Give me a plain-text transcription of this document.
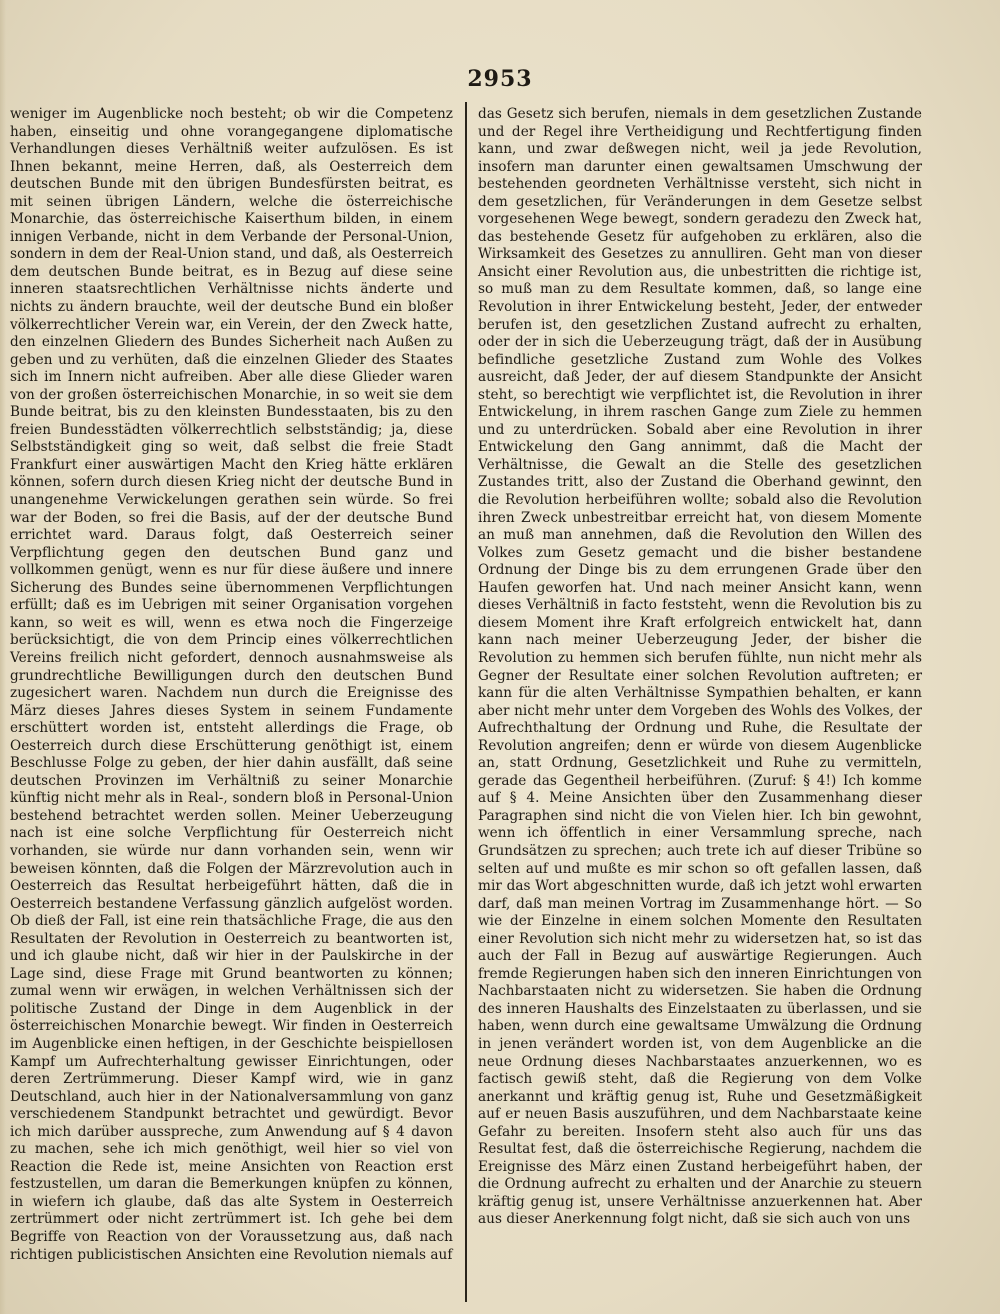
2953

weniger im Augenblicke noch besteht; ob wir die Competenz haben, einseitig und ohne vorangegangene diplomatische Verhandlungen dieses Verhältniß weiter aufzulösen. Es ist Ihnen bekannt, meine Herren, daß, als Oesterreich dem deutschen Bunde mit den übrigen Bundesfürsten beitrat, es mit seinen übrigen Ländern, welche die österreichische Monarchie, das österreichische Kaiserthum bilden, in einem innigen Verbande, nicht in dem Verbande der Personal-Union, sondern in dem der Real-Union stand, und daß, als Oesterreich dem deutschen Bunde beitrat, es in Bezug auf diese seine inneren staatsrechtlichen Verhältnisse nichts änderte und nichts zu ändern brauchte, weil der deutsche Bund ein bloßer völkerrechtlicher Verein war, ein Verein, der den Zweck hatte, den einzelnen Gliedern des Bundes Sicherheit nach Außen zu geben und zu verhüten, daß die einzelnen Glieder des Staates sich im Innern nicht aufreiben. Aber alle diese Glieder waren von der großen österreichischen Monarchie, in so weit sie dem Bunde beitrat, bis zu den kleinsten Bundesstaaten, bis zu den freien Bundesstädten völkerrechtlich selbstständig; ja, diese Selbstständigkeit ging so weit, daß selbst die freie Stadt Frankfurt einer auswärtigen Macht den Krieg hätte erklären können, sofern durch diesen Krieg nicht der deutsche Bund in unangenehme Verwickelungen gerathen sein würde. So frei war der Boden, so frei die Basis, auf der der deutsche Bund errichtet ward. Daraus folgt, daß Oesterreich seiner Verpflichtung gegen den deutschen Bund ganz und vollkommen genügt, wenn es nur für diese äußere und innere Sicherung des Bundes seine übernommenen Verpflichtungen erfüllt; daß es im Uebrigen mit seiner Organisation vorgehen kann, so weit es will, wenn es etwa noch die Fingerzeige berücksichtigt, die von dem Princip eines völkerrechtlichen Vereins freilich nicht gefordert, dennoch ausnahmsweise als grundrechtliche Bewilligungen durch den deutschen Bund zugesichert waren. Nachdem nun durch die Ereignisse des März dieses Jahres dieses System in seinem Fundamente erschüttert worden ist, entsteht allerdings die Frage, ob Oesterreich durch diese Erschütterung genöthigt ist, einem Beschlusse Folge zu geben, der hier dahin ausfällt, daß seine deutschen Provinzen im Verhältniß zu seiner Monarchie künftig nicht mehr als in Real-, sondern bloß in Personal-Union bestehend betrachtet werden sollen. Meiner Ueberzeugung nach ist eine solche Verpflichtung für Oesterreich nicht vorhanden, sie würde nur dann vorhanden sein, wenn wir beweisen könnten, daß die Folgen der Märzrevolution auch in Oesterreich das Resultat herbeigeführt hätten, daß die in Oesterreich bestandene Verfassung gänzlich aufgelöst worden. Ob dieß der Fall, ist eine rein thatsächliche Frage, die aus den Resultaten der Revolution in Oesterreich zu beantworten ist, und ich glaube nicht, daß wir hier in der Paulskirche in der Lage sind, diese Frage mit Grund beantworten zu können; zumal wenn wir erwägen, in welchen Verhältnissen sich der politische Zustand der Dinge in dem Augenblick in der österreichischen Monarchie bewegt. Wir finden in Oesterreich im Augenblicke einen heftigen, in der Geschichte beispiellosen Kampf um Aufrechterhaltung gewisser Einrichtungen, oder deren Zertrümmerung. Dieser Kampf wird, wie in ganz Deutschland, auch hier in der Nationalversammlung von ganz verschiedenem Standpunkt betrachtet und gewürdigt. Bevor ich mich darüber ausspreche, zum Anwendung auf § 4 davon zu machen, sehe ich mich genöthigt, weil hier so viel von Reaction die Rede ist, meine Ansichten von Reaction erst festzustellen, um daran die Bemerkungen knüpfen zu können, in wiefern ich glaube, daß das alte System in Oesterreich zertrümmert oder nicht zertrümmert ist. Ich gehe bei dem Begriffe von Reaction von der Voraussetzung aus, daß nach richtigen publicistischen Ansichten eine Revolution niemals auf

das Gesetz sich berufen, niemals in dem gesetzlichen Zustande und der Regel ihre Vertheidigung und Rechtfertigung finden kann, und zwar deßwegen nicht, weil ja jede Revolution, insofern man darunter einen gewaltsamen Umschwung der bestehenden geordneten Verhältnisse versteht, sich nicht in dem gesetzlichen, für Veränderungen in dem Gesetze selbst vorgesehenen Wege bewegt, sondern geradezu den Zweck hat, das bestehende Gesetz für aufgehoben zu erklären, also die Wirksamkeit des Gesetzes zu annulliren. Geht man von dieser Ansicht einer Revolution aus, die unbestritten die richtige ist, so muß man zu dem Resultate kommen, daß, so lange eine Revolution in ihrer Entwickelung besteht, Jeder, der entweder berufen ist, den gesetzlichen Zustand aufrecht zu erhalten, oder der in sich die Ueberzeugung trägt, daß der in Ausübung befindliche gesetzliche Zustand zum Wohle des Volkes ausreicht, daß Jeder, der auf diesem Standpunkte der Ansicht steht, so berechtigt wie verpflichtet ist, die Revolution in ihrer Entwickelung, in ihrem raschen Gange zum Ziele zu hemmen und zu unterdrücken. Sobald aber eine Revolution in ihrer Entwickelung den Gang annimmt, daß die Macht der Verhältnisse, die Gewalt an die Stelle des gesetzlichen Zustandes tritt, also der Zustand die Oberhand gewinnt, den die Revolution herbeiführen wollte; sobald also die Revolution ihren Zweck unbestreitbar erreicht hat, von diesem Momente an muß man annehmen, daß die Revolution den Willen des Volkes zum Gesetz gemacht und die bisher bestandene Ordnung der Dinge bis zu dem errungenen Grade über den Haufen geworfen hat. Und nach meiner Ansicht kann, wenn dieses Verhältniß in facto feststeht, wenn die Revolution bis zu diesem Moment ihre Kraft erfolgreich entwickelt hat, dann kann nach meiner Ueberzeugung Jeder, der bisher die Revolution zu hemmen sich berufen fühlte, nun nicht mehr als Gegner der Resultate einer solchen Revolution auftreten; er kann für die alten Verhältnisse Sympathien behalten, er kann aber nicht mehr unter dem Vorgeben des Wohls des Volkes, der Aufrechthaltung der Ordnung und Ruhe, die Resultate der Revolution angreifen; denn er würde von diesem Augenblicke an, statt Ordnung, Gesetzlichkeit und Ruhe zu vermitteln, gerade das Gegentheil herbeiführen. (Zuruf: § 4!) Ich komme auf § 4. Meine Ansichten über den Zusammenhang dieser Paragraphen sind nicht die von Vielen hier. Ich bin gewohnt, wenn ich öffentlich in einer Versammlung spreche, nach Grundsätzen zu sprechen; auch trete ich auf dieser Tribüne so selten auf und mußte es mir schon so oft gefallen lassen, daß mir das Wort abgeschnitten wurde, daß ich jetzt wohl erwarten darf, daß man meinen Vortrag im Zusammenhange hört. — So wie der Einzelne in einem solchen Momente den Resultaten einer Revolution sich nicht mehr zu widersetzen hat, so ist das auch der Fall in Bezug auf auswärtige Regierungen. Auch fremde Regierungen haben sich den inneren Einrichtungen von Nachbarstaaten nicht zu widersetzen. Sie haben die Ordnung des inneren Haushalts des Einzelstaaten zu überlassen, und sie haben, wenn durch eine gewaltsame Umwälzung die Ordnung in jenen verändert worden ist, von dem Augenblicke an die neue Ordnung dieses Nachbarstaates anzuerkennen, wo es factisch gewiß steht, daß die Regierung von dem Volke anerkannt und kräftig genug ist, Ruhe und Gesetzmäßigkeit auf er neuen Basis auszuführen, und dem Nachbarstaate keine Gefahr zu bereiten. Insofern steht also auch für uns das Resultat fest, daß die österreichische Regierung, nachdem die Ereignisse des März einen Zustand herbeigeführt haben, der die Ordnung aufrecht zu erhalten und der Anarchie zu steuern kräftig genug ist, unsere Verhältnisse anzuerkennen hat. Aber aus dieser Anerkennung folgt nicht, daß sie sich auch von uns
